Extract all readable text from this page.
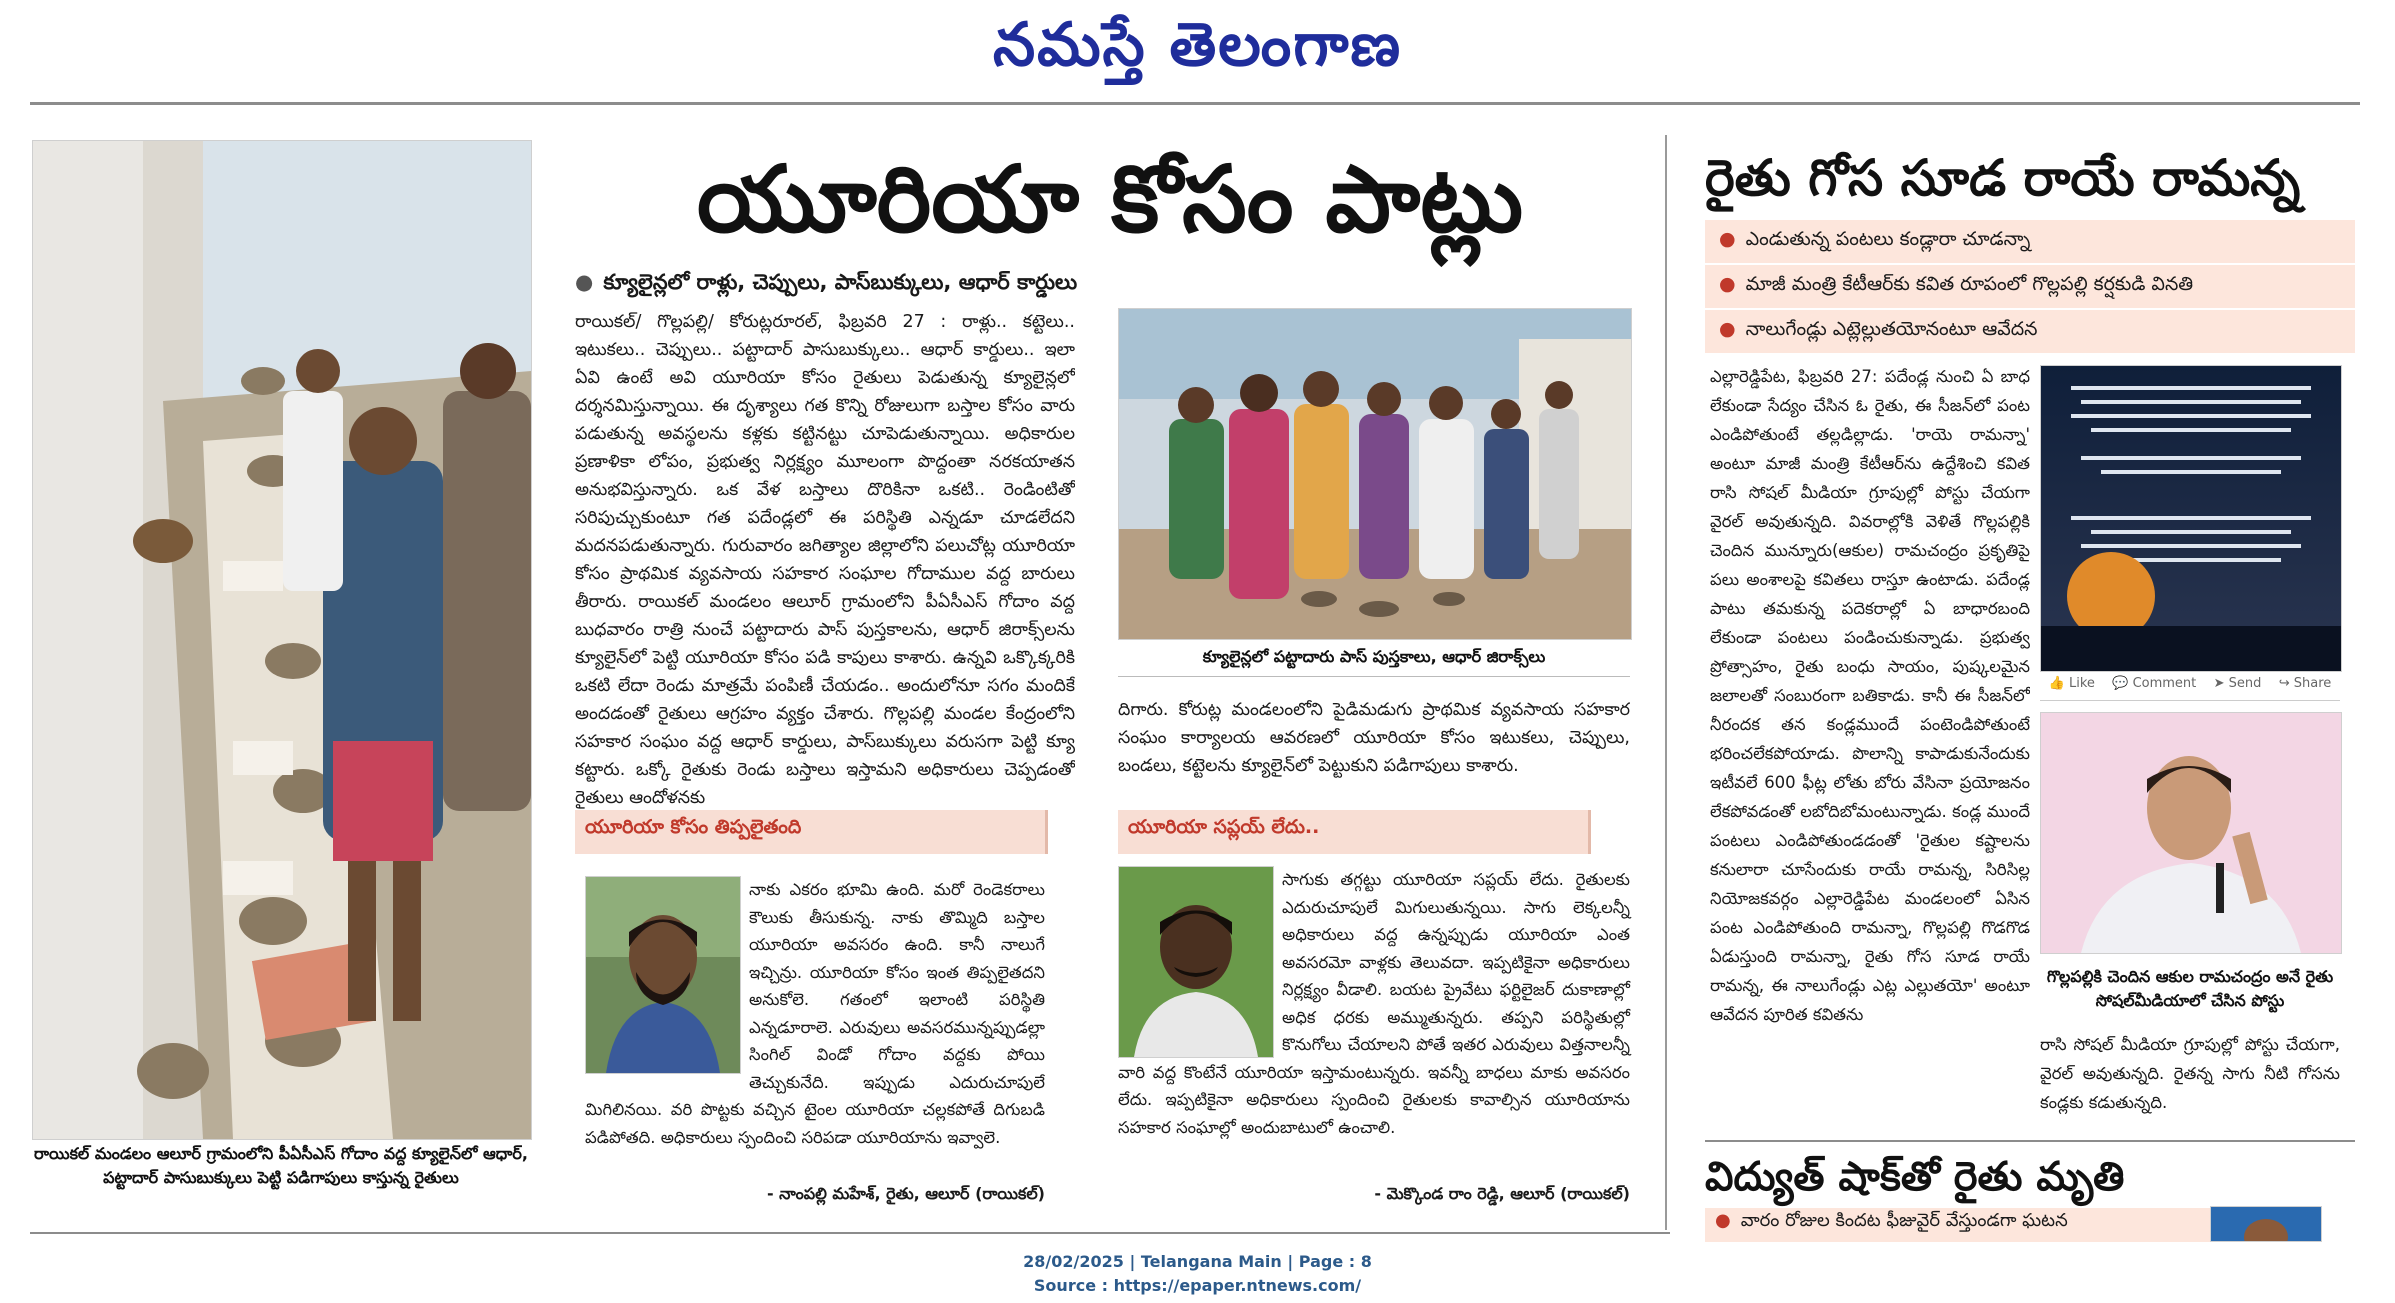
నమస్తే తెలంగాణ
రాయికల్ మండలం ఆలూర్ గ్రామంలోని పీఏసీఎస్ గోదాం వద్ద క్యూలైన్‌లో ఆధార్, పట్టాదార్ పాసుబుక్కులు పెట్టి పడిగాపులు కాస్తున్న రైతులు
యూరియా కోసం పాట్లు
● క్యూలైన్లలో రాళ్లు, చెప్పులు, పాస్‌బుక్కులు, ఆధార్ కార్డులు
రాయికల్/ గొల్లపల్లి/ కోరుట్లరూరల్, ఫిబ్రవరి 27 : రాళ్లు.. కట్టెలు.. ఇటుకలు.. చెప్పులు.. పట్టాదార్ పాసుబుక్కులు.. ఆధార్ కార్డులు.. ఇలా ఏవి ఉంటే అవి యూరియా కోసం రైతులు పెడుతున్న క్యూలైన్లలో దర్శనమిస్తున్నాయి. ఈ దృశ్యాలు గత కొన్ని రోజులుగా బస్తాల కోసం వారు పడుతున్న అవస్థలను కళ్లకు కట్టినట్టు చూపెడుతున్నాయి. అధికారుల ప్రణాళికా లోపం, ప్రభుత్వ నిర్లక్ష్యం మూలంగా పొద్దంతా నరకయాతన అనుభవిస్తున్నారు. ఒక వేళ బస్తాలు దొరికినా ఒకటి.. రెండింటితో సరిపుచ్చుకుంటూ గత పదేండ్లలో ఈ పరిస్థితి ఎన్నడూ చూడలేదని మదనపడుతున్నారు. గురువారం జగిత్యాల జిల్లాలోని పలుచోట్ల యూరియా కోసం ప్రాథమిక వ్యవసాయ సహకార సంఘాల గోదాముల వద్ద బారులు తీరారు. రాయికల్ మండలం ఆలూర్ గ్రామంలోని పీఏసీఎస్ గోదాం వద్ద బుధవారం రాత్రి నుంచే పట్టాదారు పాస్ పుస్తకాలను, ఆధార్ జిరాక్స్‌లను క్యూలైన్‌లో పెట్టి యూరియా కోసం పడి కాపులు కాశారు. ఉన్నవి ఒక్కొక్కరికి ఒకటి లేదా రెండు మాత్రమే పంపిణీ చేయడం.. అందులోనూ సగం మందికే అందడంతో రైతులు ఆగ్రహం వ్యక్తం చేశారు. గొల్లపల్లి మండల కేంద్రంలోని సహకార సంఘం వద్ద ఆధార్ కార్డులు, పాస్‌బుక్కులు వరుసగా పెట్టి క్యూ కట్టారు. ఒక్కో రైతుకు రెండు బస్తాలు ఇస్తామని అధికారులు చెప్పడంతో రైతులు ఆందోళనకు
క్యూలైన్లలో పట్టాదారు పాస్ పుస్తకాలు, ఆధార్ జిరాక్స్‌లు
దిగారు. కోరుట్ల మండలంలోని పైడిమడుగు ప్రాథమిక వ్యవసాయ సహకార సంఘం కార్యాలయ ఆవరణలో యూరియా కోసం ఇటుకలు, చెప్పులు, బండలు, కట్టెలను క్యూలైన్‌లో పెట్టుకుని పడిగాపులు కాశారు.
యూరియా కోసం తిప్పలైతంది
నాకు ఎకరం భూమి ఉంది. మరో రెండెకరాలు కౌలుకు తీసుకున్న. నాకు తొమ్మిది బస్తాల యూరియా అవసరం ఉంది. కానీ నాలుగే ఇచ్చిన్రు. యూరియా కోసం ఇంత తిప్పలైతదని అనుకోలె. గతంలో ఇలాంటి పరిస్థితి ఎన్నడూరాలె. ఎరువులు అవసరమున్నప్పుడల్లా సింగిల్ విండో గోదాం వద్దకు పోయి తెచ్చుకునేది. ఇప్పుడు ఎదురుచూపులే మిగిలినయి. వరి పొట్టకు వచ్చిన టైంల యూరియా చల్లకపోతే దిగుబడి పడిపోతది. అధికారులు స్పందించి సరిపడా యూరియాను ఇవ్వాలె.
- నాంపల్లి మహేశ్, రైతు, ఆలూర్ (రాయికల్)
యూరియా సప్లయ్ లేదు..
సాగుకు తగ్గట్టు యూరియా సప్లయ్ లేదు. రైతులకు ఎదురుచూపులే మిగులుతున్నయి. సాగు లెక్కలన్నీ అధికారులు వద్ద ఉన్నప్పుడు యూరియా ఎంత అవసరమో వాళ్లకు తెలువదా. ఇప్పటికైనా అధికారులు నిర్లక్ష్యం వీడాలి. బయట ప్రైవేటు ఫర్టిలైజర్ దుకాణాల్లో అధిక ధరకు అమ్ముతున్నరు. తప్పని పరిస్థితుల్లో కొనుగోలు చేయాలని పోతే ఇతర ఎరువులు విత్తనాలన్నీ వారి వద్ద కొంటేనే యూరియా ఇస్తామంటున్నరు. ఇవన్నీ బాధలు మాకు అవసరం లేదు. ఇప్పటికైనా అధికారులు స్పందించి రైతులకు కావాల్సిన యూరియాను సహకార సంఘాల్లో అందుబాటులో ఉంచాలి.
- మెక్కొండ రాం రెడ్డి, ఆలూర్ (రాయికల్)
రైతు గోస సూడ రాయే రామన్న
● ఎండుతున్న పంటలు కండ్లారా చూడన్నా
● మాజీ మంత్రి కేటీఆర్‌కు కవిత రూపంలో గొల్లపల్లి కర్షకుడి వినతి
● నాలుగేండ్లు ఎట్లెల్లుతయోనంటూ ఆవేదన
ఎల్లారెడ్డిపేట, ఫిబ్రవరి 27: పదేండ్ల నుంచి ఏ బాధ లేకుండా సేద్యం చేసిన ఓ రైతు, ఈ సీజన్‌లో పంట ఎండిపోతుంటే తల్లడిల్లాడు. 'రాయె రామన్నా' అంటూ మాజీ మంత్రి కేటీఆర్‌ను ఉద్దేశించి కవిత రాసి సోషల్ మీడియా గ్రూపుల్లో పోస్టు చేయగా వైరల్ అవుతున్నది. వివరాల్లోకి వెళితే గొల్లపల్లికి చెందిన మున్నూరు(ఆకుల) రామచంద్రం ప్రకృతిపై పలు అంశాలపై కవితలు రాస్తూ ఉంటాడు. పదేండ్ల పాటు తమకున్న పదెకరాల్లో ఏ బాధారబంది లేకుండా పంటలు పండించుకున్నాడు. ప్రభుత్వ ప్రోత్సాహం, రైతు బంధు సాయం, పుష్కలమైన జలాలతో సంబురంగా బతికాడు. కానీ ఈ సీజన్‌లో నీరందక తన కండ్లముందే పంటెండిపోతుంటే భరించలేకపోయాడు. పొలాన్ని కాపాడుకునేందుకు ఇటీవలే 600 ఫీట్ల లోతు బోరు వేసినా ప్రయోజనం లేకపోవడంతో లబోదిబోమంటున్నాడు. కండ్ల ముందే పంటలు ఎండిపోతుండడంతో 'రైతుల కష్టాలను కనులారా చూసేందుకు రాయే రామన్న, సిరిసిల్ల నియోజకవర్గం ఎల్లారెడ్డిపేట మండలంలో ఏసిన పంట ఎండిపోతుంది రామన్నా, గొల్లపల్లి గొడగొడ ఏడుస్తుంది రామన్నా, రైతు గోస సూడ రాయే రామన్న, ఈ నాలుగేండ్లు ఎట్ల ఎల్లుతయో' అంటూ ఆవేదన పూరిత కవితను
👍 Like 💬 Comment ➤ Send ↪ Share
గొల్లపల్లికి చెందిన ఆకుల రామచంద్రం అనే రైతు సోషల్‌మీడియాలో చేసిన పోస్టు
రాసి సోషల్ మీడియా గ్రూపుల్లో పోస్టు చేయగా, వైరల్ అవుతున్నది. రైతన్న సాగు నీటి గోసను కండ్లకు కడుతున్నది.
విద్యుత్ షాక్‌తో రైతు మృతి
● వారం రోజుల కిందట ఫీజువైర్ వేస్తుండగా ఘటన
28/02/2025 | Telangana Main | Page : 8
Source : https://epaper.ntnews.com/
